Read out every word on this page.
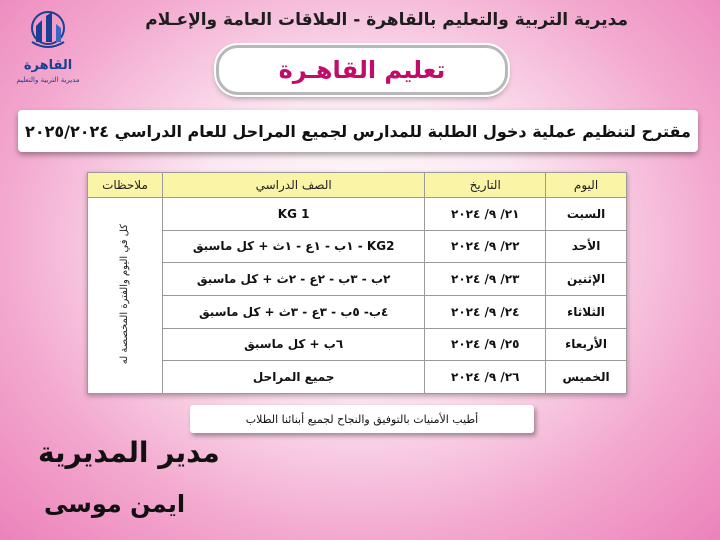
القاهرة
مديرية التربية والتعليم
مديرية التربية والتعليم بالقاهرة - العلاقات العامة والإعـلام
تعليم القاهـرة
مقترح لتنظيم عملية دخول الطلبة للمدارس لجميع المراحل للعام الدراسي ٢٠٢٥/٢٠٢٤
اليوم	التاريخ	الصف الدراسي	ملاحظات
السبت	٢١/ ٩/ ٢٠٢٤	KG 1	كل في اليوم والفترة المخصصة له
الأحد	٢٢/ ٩/ ٢٠٢٤	KG2 - ١ب - ١ع - ١ث + كل ماسبق	
الإثنين	٢٣/ ٩/ ٢٠٢٤	٢ب - ٣ب - ٢ع - ٢ث + كل ماسبق	
الثلاثاء	٢٤/ ٩/ ٢٠٢٤	٤ب- ٥ب - ٣ع - ٣ث + كل ماسبق	
الأربعاء	٢٥/ ٩/ ٢٠٢٤	٦ب + كل ماسبق	
الخميس	٢٦/ ٩/ ٢٠٢٤	جميع المراحل	
أطيب الأمنيات بالتوفيق والنجاح لجميع أبنائنا الطلاب
مدير المديرية
ايمن موسى
